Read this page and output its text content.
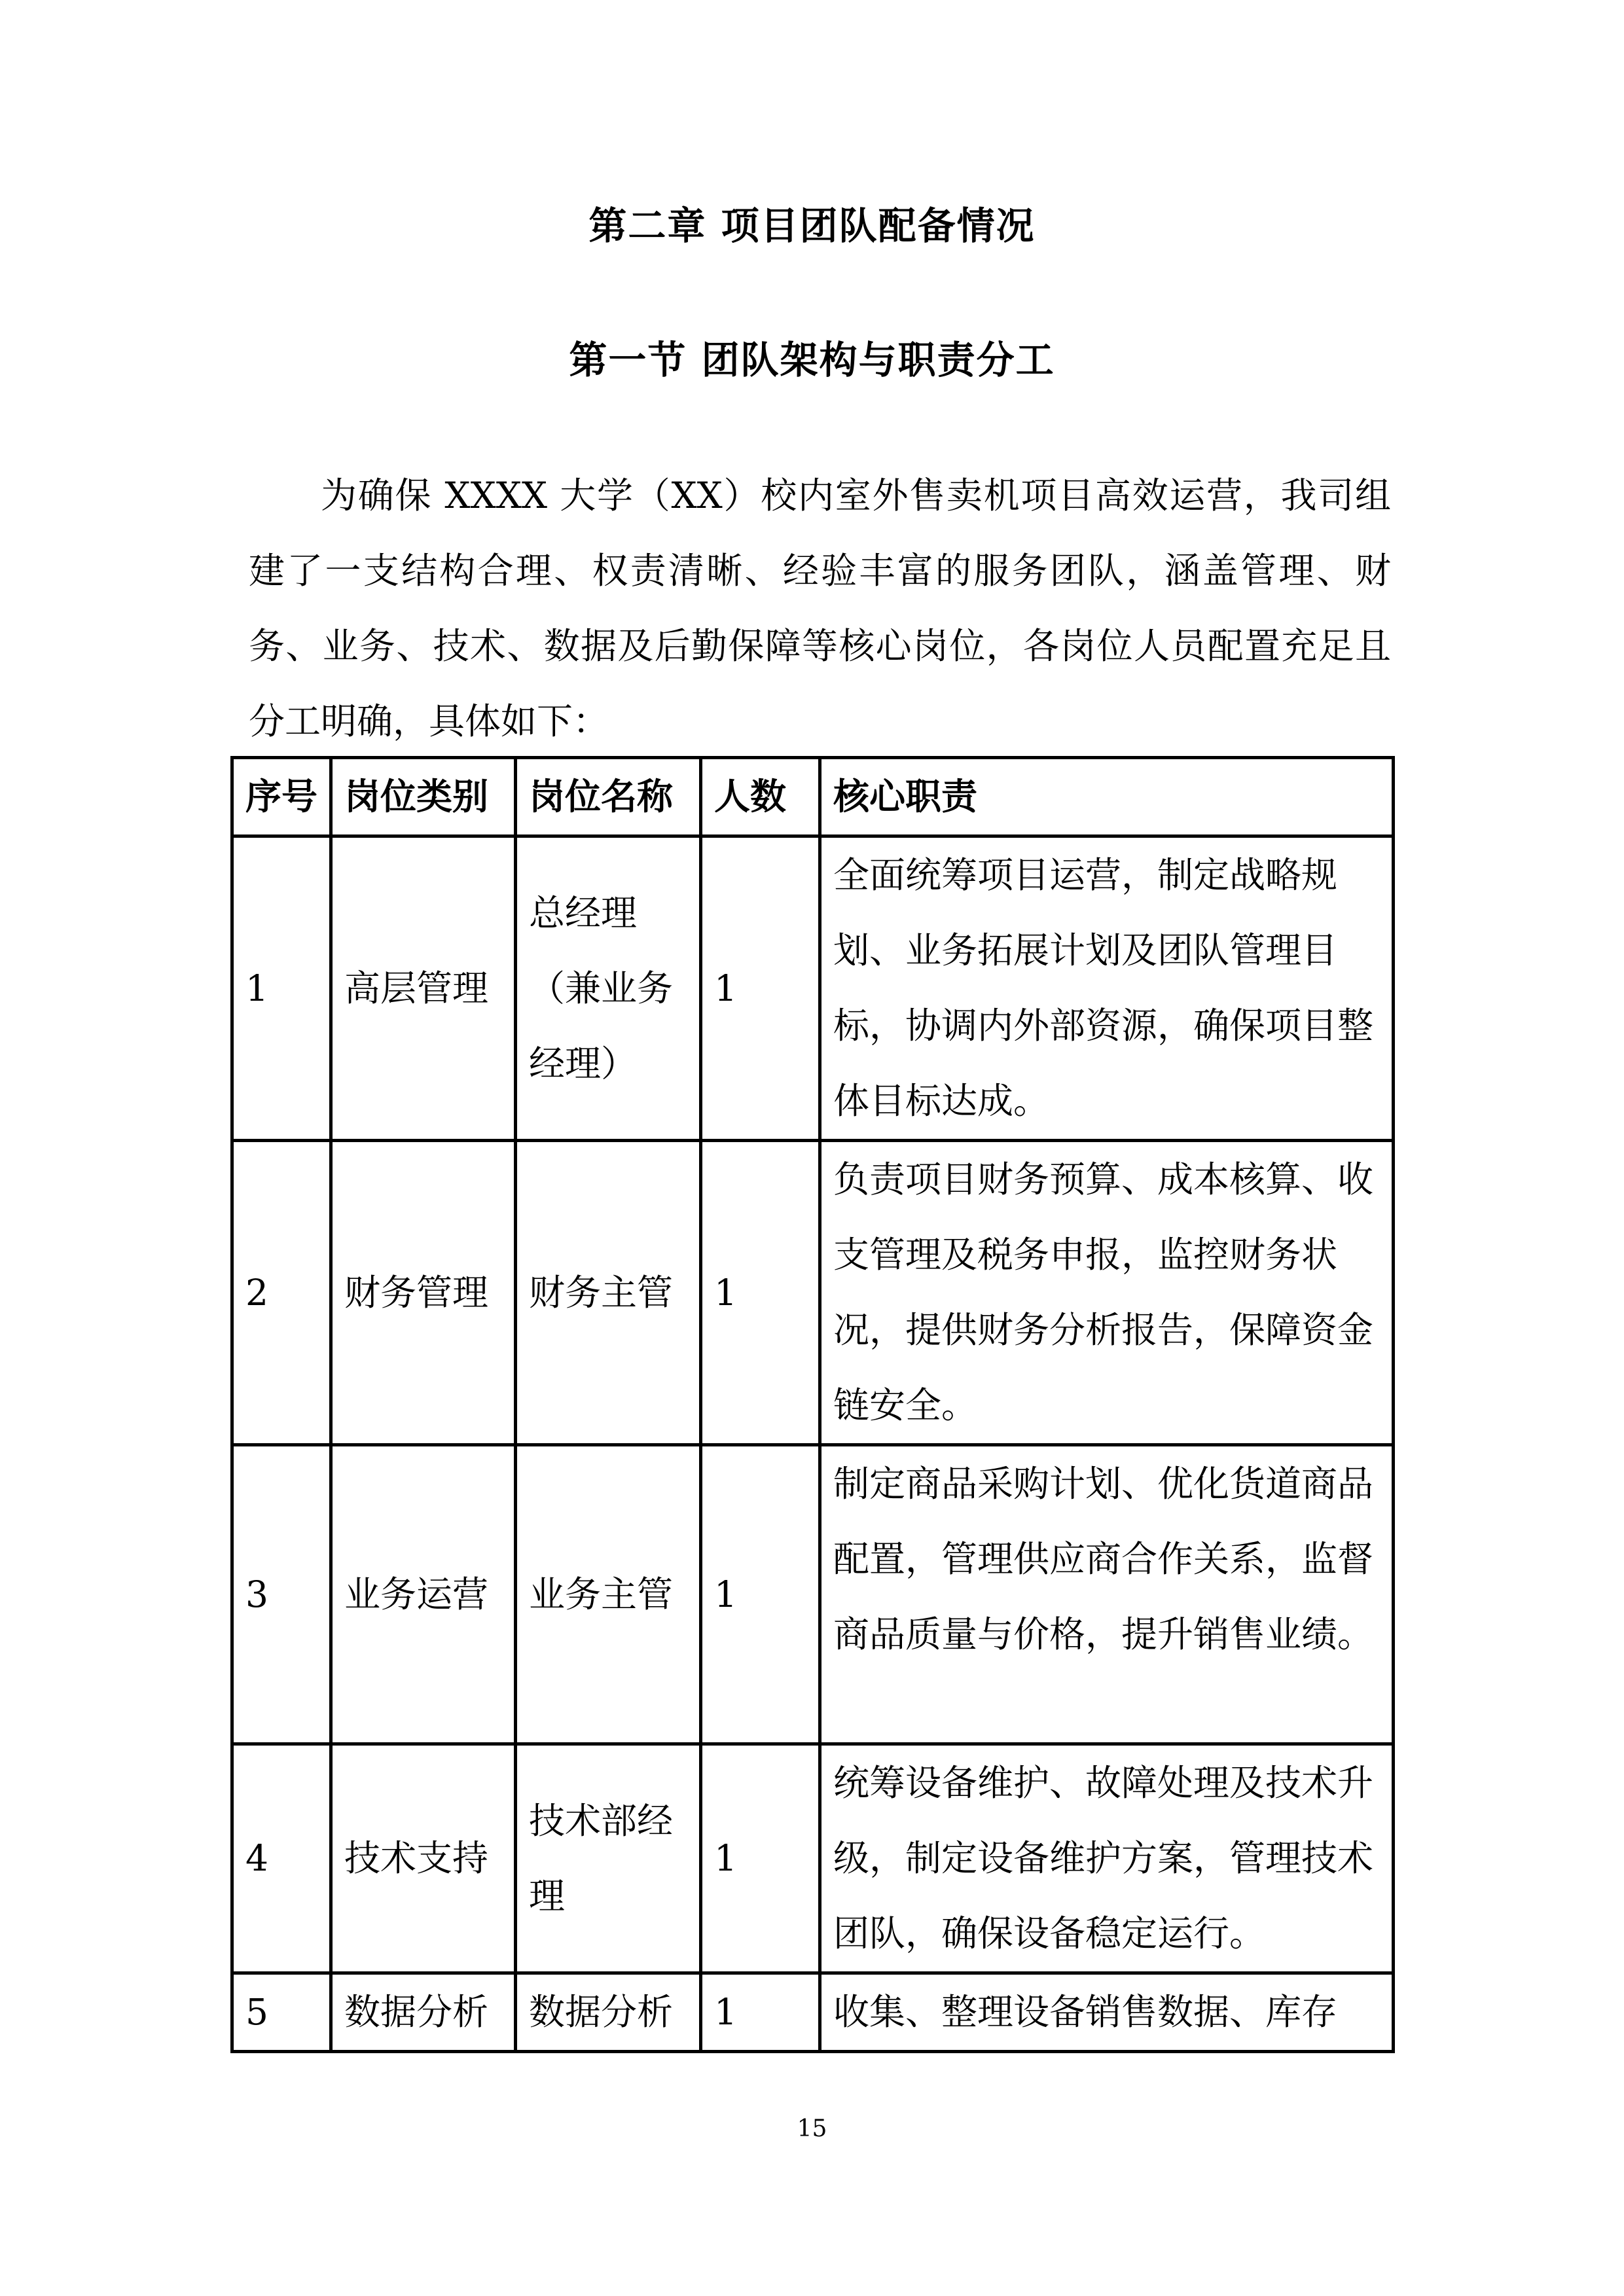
第二章 项目团队配备情况
第一节 团队架构与职责分工

为确保 XXXX 大学（XX）校内室外售卖机项目高效运营，我司组建了一支结构合理、权责清晰、经验丰富的服务团队，涵盖管理、财务、业务、技术、数据及后勤保障等核心岗位，各岗位人员配置充足且分工明确，具体如下：

序号	岗位类别	岗位名称	人数	核心职责
1	高层管理	总经理（兼业务经理）	1	全面统筹项目运营，制定战略规划、业务拓展计划及团队管理目标，协调内外部资源，确保项目整体目标达成。
2	财务管理	财务主管	1	负责项目财务预算、成本核算、收支管理及税务申报，监控财务状况，提供财务分析报告，保障资金链安全。
3	业务运营	业务主管	1	制定商品采购计划、优化货道商品配置，管理供应商合作关系，监督商品质量与价格，提升销售业绩。
4	技术支持	技术部经理	1	统筹设备维护、故障处理及技术升级，制定设备维护方案，管理技术团队，确保设备稳定运行。
5	数据分析	数据分析	1	收集、整理设备销售数据、库存
15
